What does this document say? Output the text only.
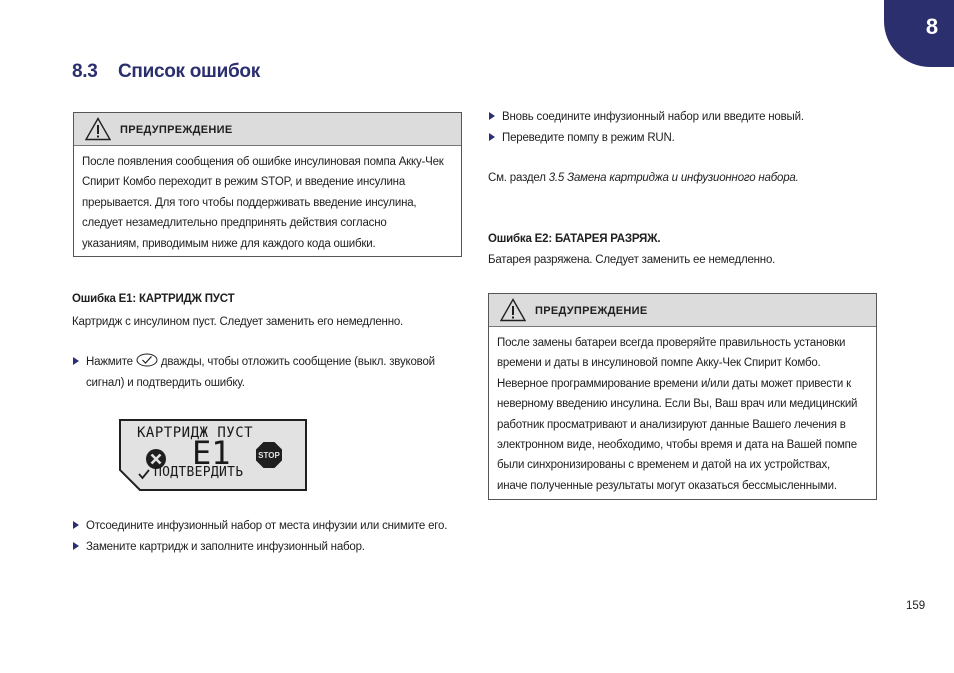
8
8.3 Список ошибок
ПРЕДУПРЕЖДЕНИЕ
После появления сообщения об ошибке инсулиновая помпа Акку-Чек
Спирит Комбо переходит в режим STOP, и введение инсулина
прерывается. Для того чтобы поддерживать введение инсулина,
следует незамедлительно предпринять действия согласно
указаниям, приводимым ниже для каждого кода ошибки.
Ошибка E1: КАРТРИДЖ ПУСТ
Картридж с инсулином пуст. Следует заменить его немедленно.
Нажмите дважды, чтобы отложить сообщение (выкл. звуковой
сигнал) и подтвердить ошибку.
КАРТРИДЖ ПУСТ
E1	STOP
ПОДТВЕРДИТЬ
Отсоедините инфузионный набор от места инфузии или снимите его.
Замените картридж и заполните инфузионный набор.
Вновь соедините инфузионный набор или введите новый.
Переведите помпу в режим RUN.
См. раздел 3.5 Замена картриджа и инфузионного набора.
Ошибка E2: БАТАРЕЯ РАЗРЯЖ.
Батарея разряжена. Следует заменить ее немедленно.
ПРЕДУПРЕЖДЕНИЕ
После замены батареи всегда проверяйте правильность установки
времени и даты в инсулиновой помпе Акку-Чек Спирит Комбо.
Неверное программирование времени и/или даты может привести к
неверному введению инсулина. Если Вы, Ваш врач или медицинский
работник просматривают и анализируют данные Вашего лечения в
электронном виде, необходимо, чтобы время и дата на Вашей помпе
были синхронизированы с временем и датой на их устройствах,
иначе полученные результаты могут оказаться бессмысленными.
159
